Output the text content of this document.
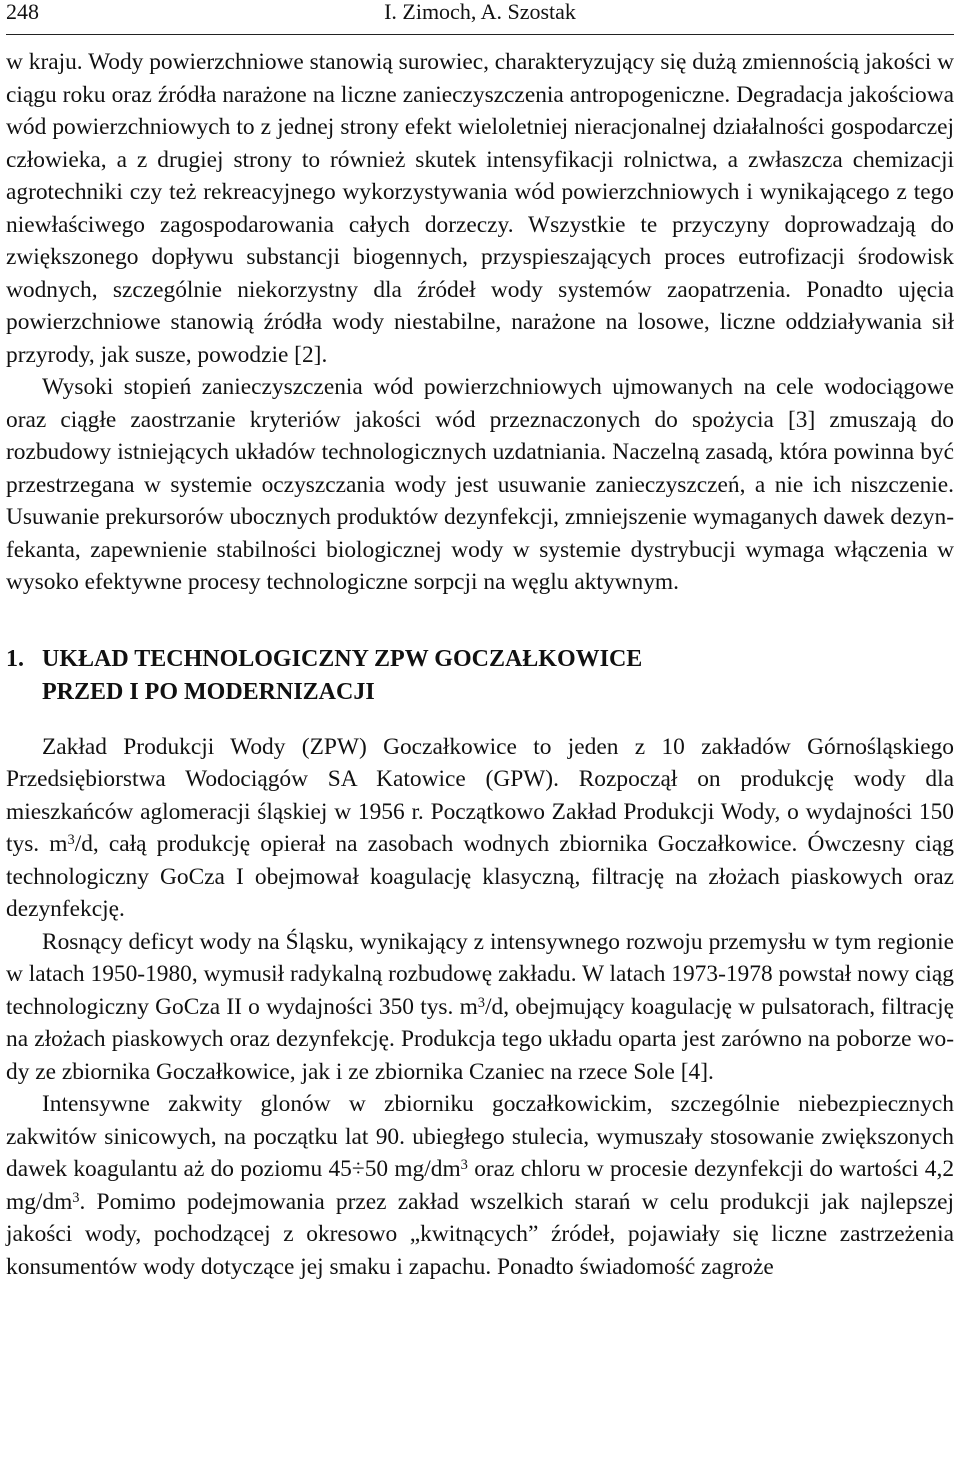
248	I. Zimoch, A. Szostak

w kraju. Wody powierzchniowe stanowią surowiec, charakteryzujący się dużą zmiennością jakości w ciągu roku oraz źródła narażone na liczne zanieczyszczenia antropogeniczne. Degradacja jakościowa wód powierzchniowych to z jednej strony efekt wieloletniej nieracjonalnej działalności gospodarczej człowieka, a z drugiej strony to również skutek intensyfikacji rolnictwa, a zwłaszcza chemizacji agrotechniki czy też rekreacyjnego wykorzystywania wód powierzchniowych i wynikającego z tego niewłaściwego zagospodarowania całych dorzeczy. Wszystkie te przyczyny doprowadzają do zwiększonego dopływu substancji biogennych, przyspieszających proces eutrofizacji środowisk wodnych, szczególnie niekorzystny dla źródeł wody systemów zaopatrzenia. Ponadto ujęcia powierzchniowe stanowią źródła wody niestabilne, narażone na losowe, liczne oddziaływania sił przyrody, jak susze, powodzie [2].

Wysoki stopień zanieczyszczenia wód powierzchniowych ujmowanych na cele wodociągowe oraz ciągłe zaostrzanie kryteriów jakości wód przeznaczonych do spożycia [3] zmuszają do rozbudowy istniejących układów technologicznych uzdatniania. Naczelną zasadą, która powinna być przestrzegana w systemie oczyszczania wody jest usuwanie zanieczyszczeń, a nie ich niszczenie. Usuwanie prekursorów ubocznych produktów dezynfekcji, zmniejszenie wymaganych dawek dezynfekanta, zapewnienie stabilności biologicznej wody w systemie dystrybucji wymaga włączenia w wysoko efektywne procesy technologiczne sorpcji na węglu aktywnym.

1. UKŁAD TECHNOLOGICZNY ZPW GOCZAŁKOWICE
PRZED I PO MODERNIZACJI

Zakład Produkcji Wody (ZPW) Goczałkowice to jeden z 10 zakładów Górnośląskiego Przedsiębiorstwa Wodociągów SA Katowice (GPW). Rozpoczął on produkcję wody dla mieszkańców aglomeracji śląskiej w 1956 r. Początkowo Zakład Produkcji Wody, o wydajności 150 tys. $m^3/d$, całą produkcję opierał na zasobach wodnych zbiornika Goczałkowice. Ówczesny ciąg technologiczny GoCza I obejmował koagulację klasyczną, filtrację na złożach piaskowych oraz dezynfekcję.

Rosnący deficyt wody na Śląsku, wynikający z intensywnego rozwoju przemysłu w tym regionie w latach 1950-1980, wymusił radykalną rozbudowę zakładu. W latach 1973-1978 powstał nowy ciąg technologiczny GoCza II o wydajności 350 tys. $m^3/d$, obejmujący koagulację w pulsatorach, filtrację na złożach piaskowych oraz dezynfekcję. Produkcja tego układu oparta jest zarówno na poborze wody ze zbiornika Goczałkowice, jak i ze zbiornika Czaniec na rzece Sole [4].

Intensywne zakwity glonów w zbiorniku goczałkowickim, szczególnie niebezpiecznych zakwitów sinicowych, na początku lat 90. ubiegłego stulecia, wymuszały stosowanie zwiększonych dawek koagulantu aż do poziomu 45÷50 $mg/dm^3$ oraz chloru w procesie dezynfekcji do wartości 4,2 $mg/dm^3$. Pomimo podejmowania przez zakład wszelkich starań w celu produkcji jak najlepszej jakości wody, pochodzącej z okresowo „kwitnących” źródeł, pojawiały się liczne zastrzeżenia konsumentów wody dotyczące jej smaku i zapachu. Ponadto świadomość zagroże
